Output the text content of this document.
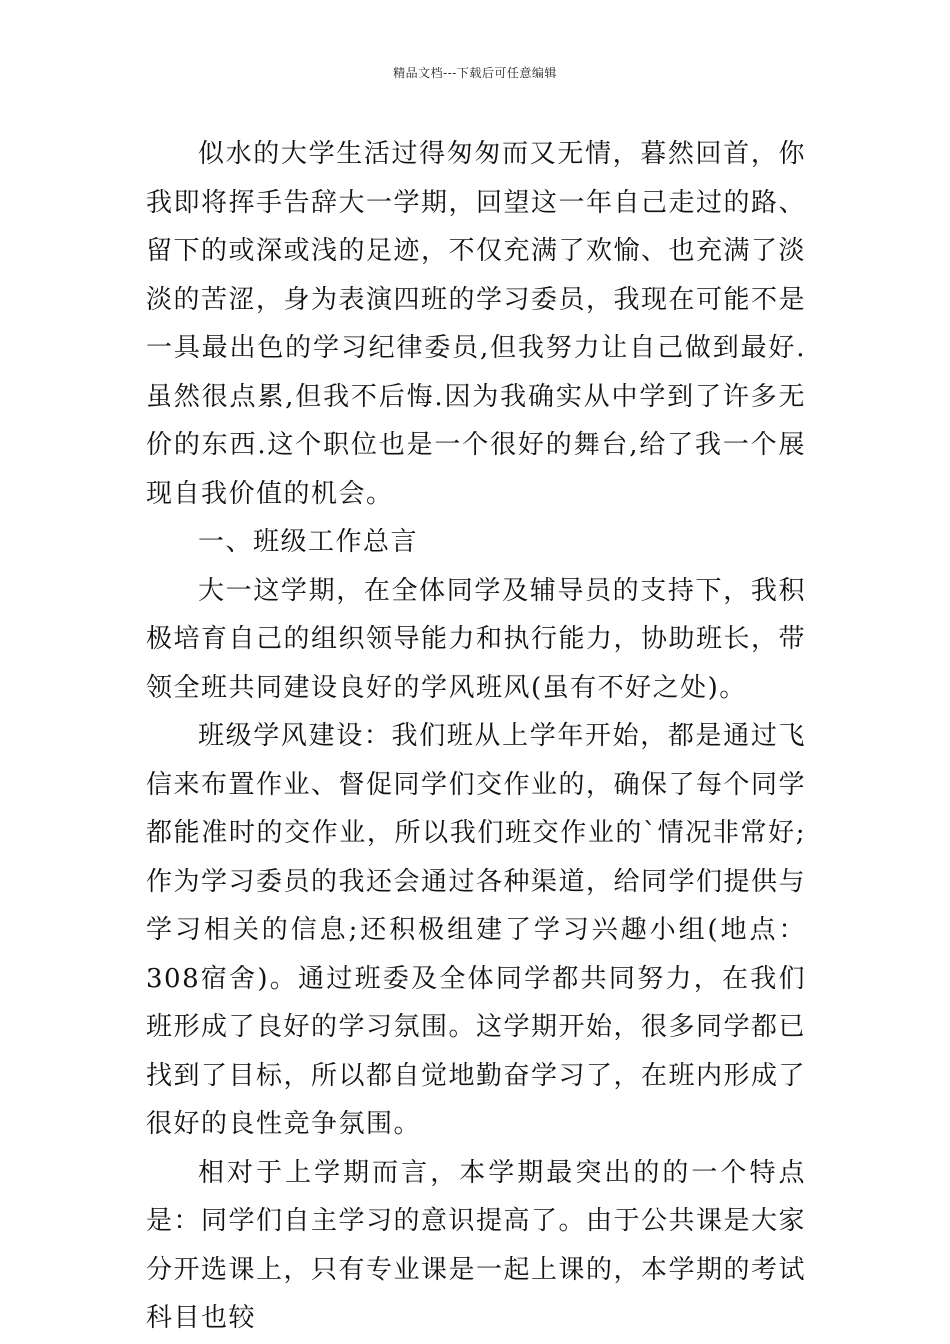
精品文档---下载后可任意编辑

似水的大学生活过得匆匆而又无情，暮然回首，你我即将挥手告辞大一学期，回望这一年自己走过的路、留下的或深或浅的足迹，不仅充满了欢愉、也充满了淡淡的苦涩，身为表演四班的学习委员，我现在可能不是一具最出色的学习纪律委员,但我努力让自己做到最好.虽然很点累,但我不后悔.因为我确实从中学到了许多无价的东西.这个职位也是一个很好的舞台,给了我一个展现自我价值的机会。

一、班级工作总言

大一这学期，在全体同学及辅导员的支持下，我积极培育自己的组织领导能力和执行能力，协助班长，带领全班共同建设良好的学风班风(虽有不好之处)。

班级学风建设：我们班从上学年开始，都是通过飞信来布置作业、督促同学们交作业的，确保了每个同学都能准时的交作业，所以我们班交作业的`情况非常好;作为学习委员的我还会通过各种渠道，给同学们提供与学习相关的信息;还积极组建了学习兴趣小组(地点：308宿舍)。通过班委及全体同学都共同努力，在我们班形成了良好的学习氛围。这学期开始，很多同学都已找到了目标，所以都自觉地勤奋学习了，在班内形成了很好的良性竞争氛围。

相对于上学期而言，本学期最突出的的一个特点是：同学们自主学习的意识提高了。由于公共课是大家分开选课上，只有专业课是一起上课的，本学期的考试科目也较
